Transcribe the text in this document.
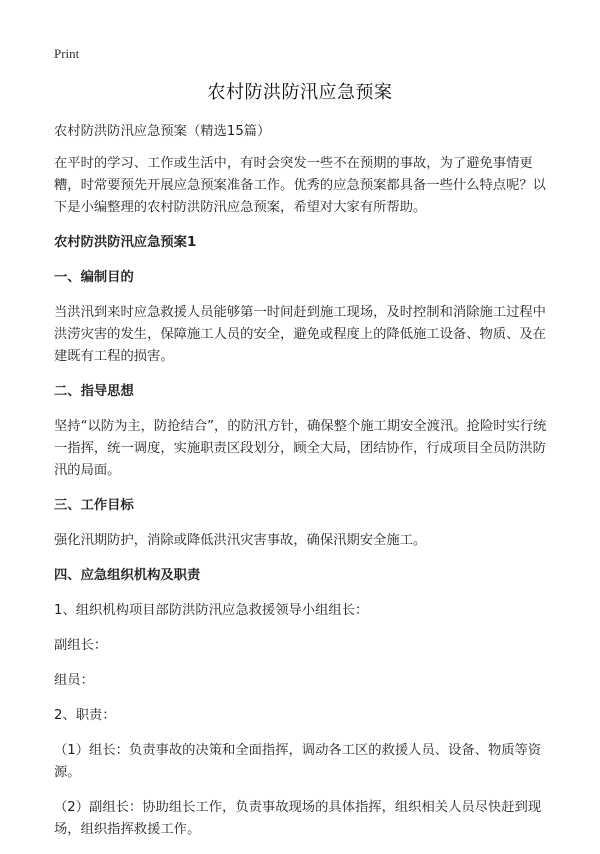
Print
农村防洪防汛应急预案

农村防洪防汛应急预案（精选15篇）

在平时的学习、工作或生活中，有时会突发一些不在预期的事故，为了避免事情更糟，时常要预先开展应急预案准备工作。优秀的应急预案都具备一些什么特点呢？以下是小编整理的农村防洪防汛应急预案，希望对大家有所帮助。

农村防洪防汛应急预案1

一、编制目的

当洪汛到来时应急救援人员能够第一时间赶到施工现场，及时控制和消除施工过程中洪涝灾害的发生，保障施工人员的安全，避免或程度上的降低施工设备、物质、及在建既有工程的损害。

二、指导思想

坚持“以防为主，防抢结合”，的防汛方针，确保整个施工期安全渡汛。抢险时实行统一指挥，统一调度，实施职责区段划分，顾全大局，团结协作，行成项目全员防洪防汛的局面。

三、工作目标

强化汛期防护，消除或降低洪汛灾害事故，确保汛期安全施工。

四、应急组织机构及职责

1、组织机构项目部防洪防汛应急救援领导小组组长：

副组长：

组员：

2、职责：

（1）组长：负责事故的决策和全面指挥，调动各工区的救援人员、设备、物质等资源。

（2）副组长：协助组长工作，负责事故现场的具体指挥，组织相关人员尽快赶到现场，组织指挥救援工作。
